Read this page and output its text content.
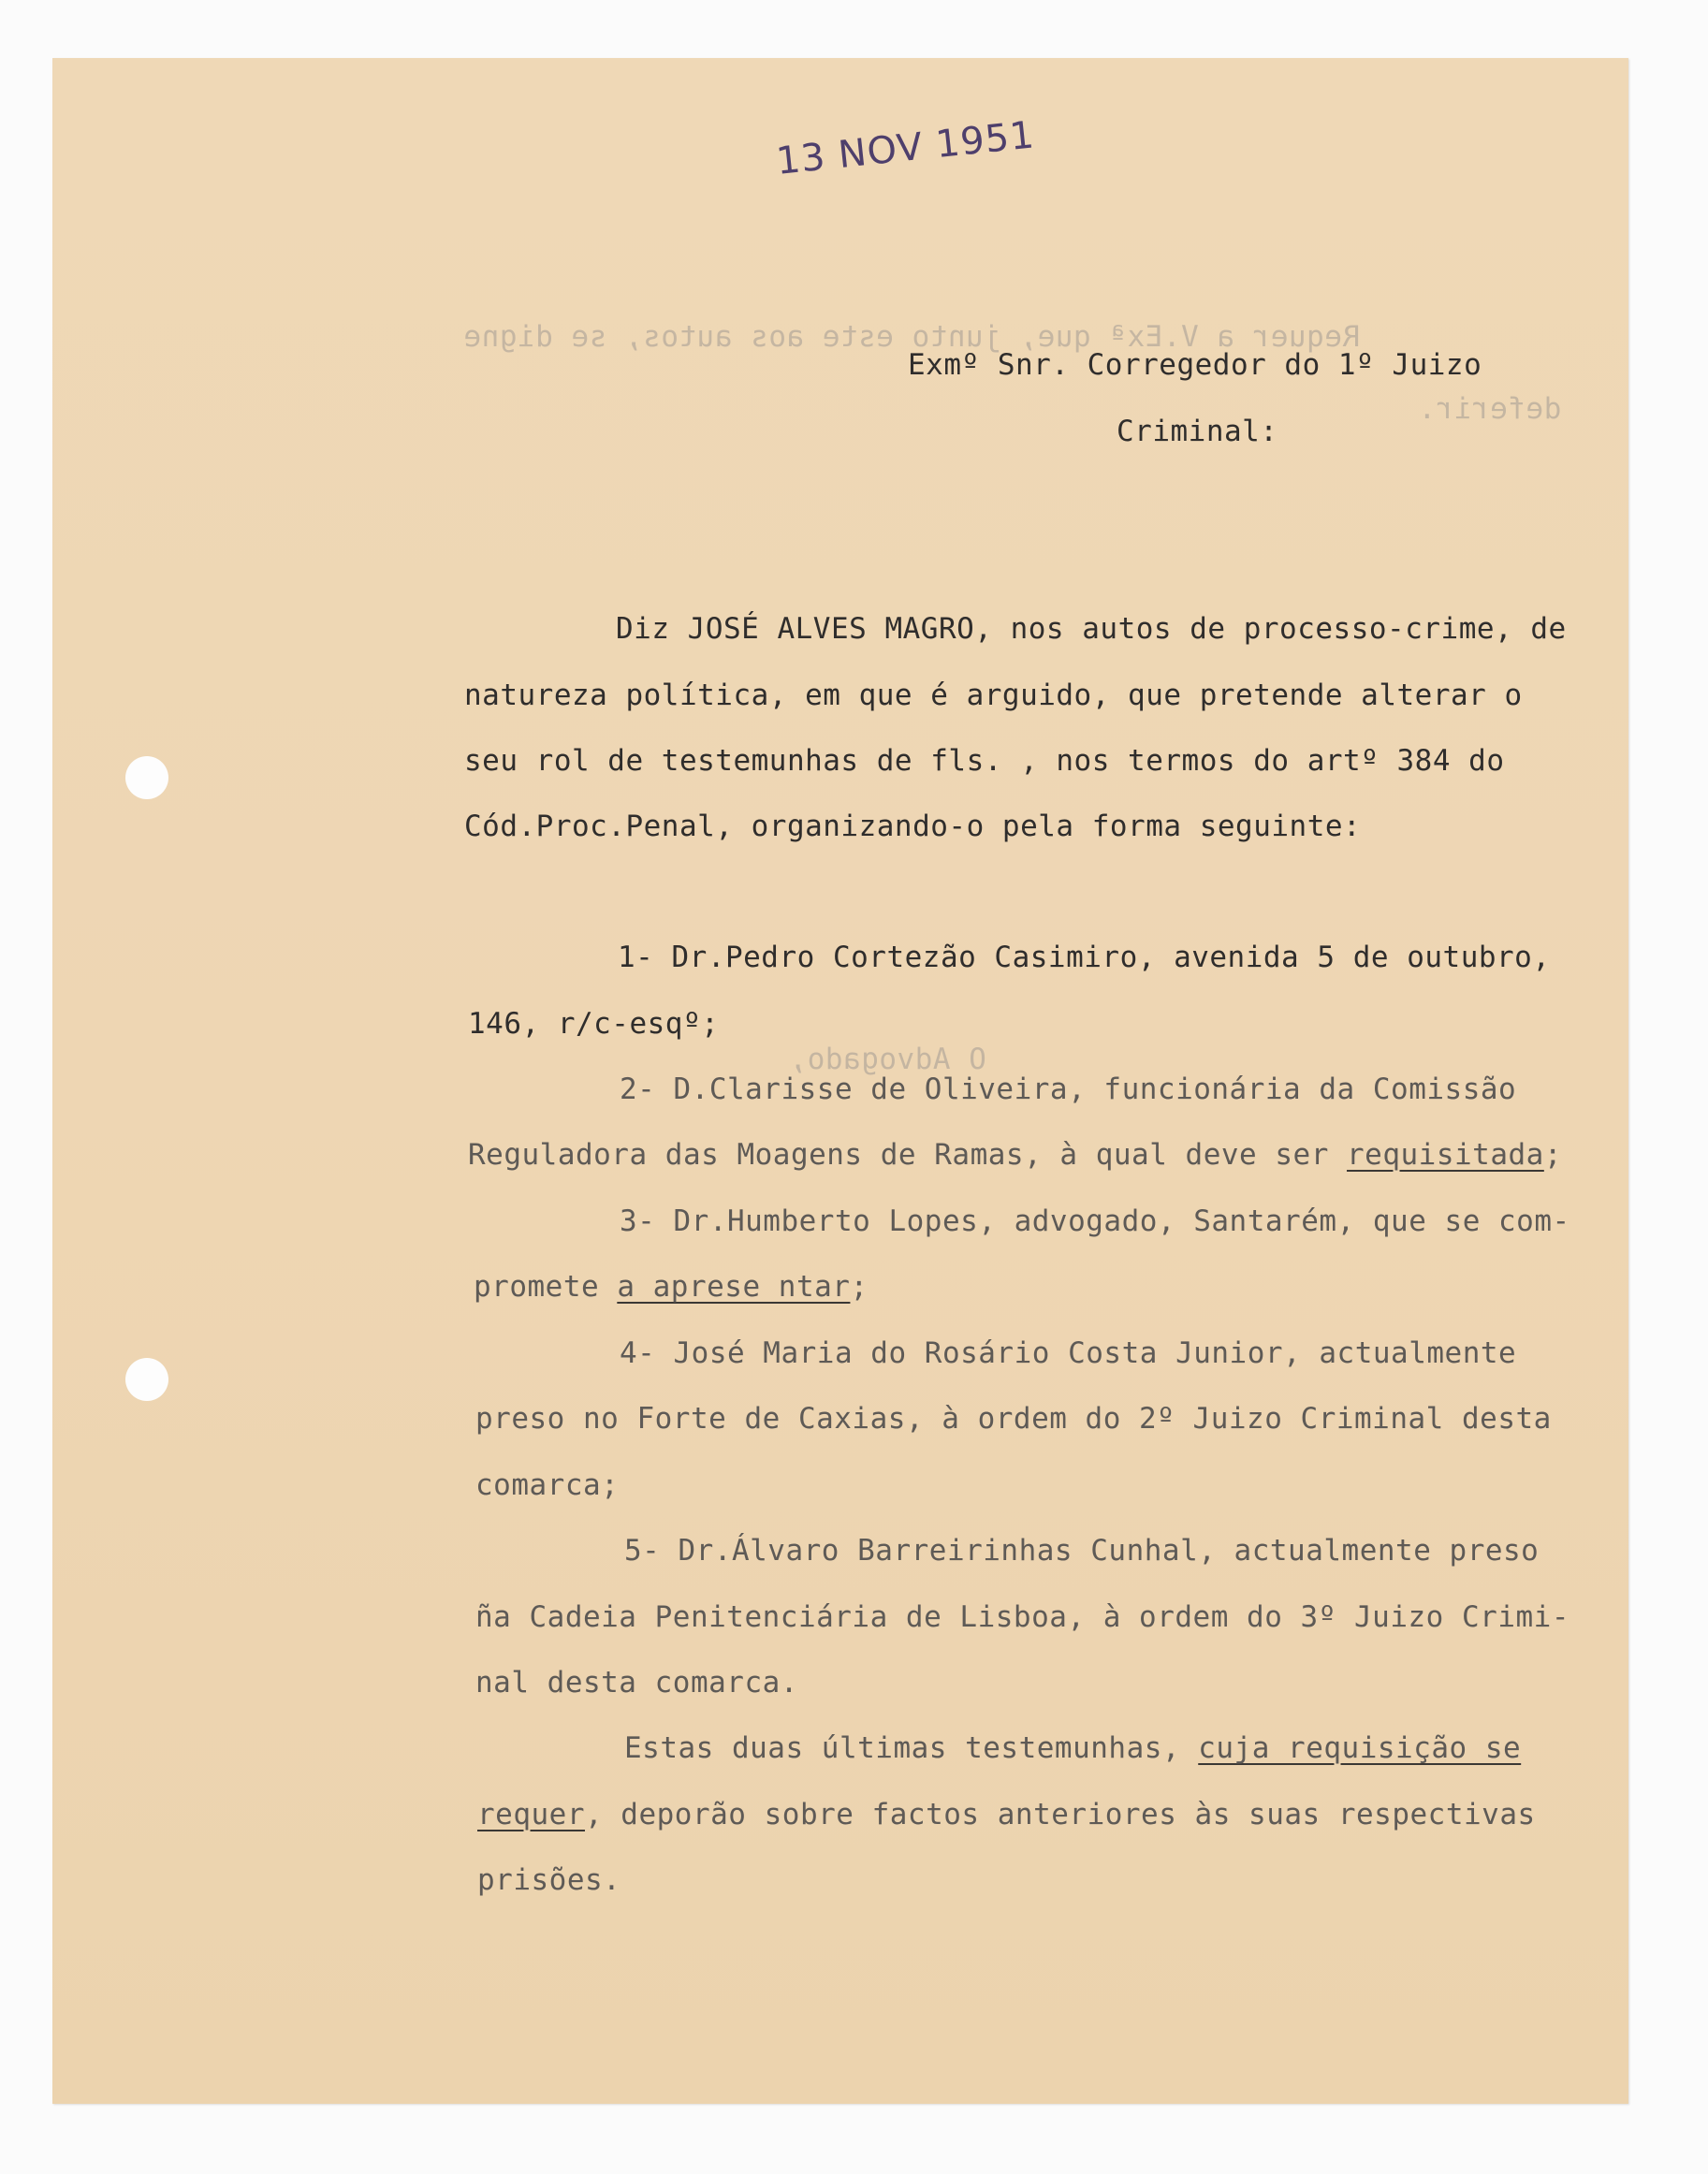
13 NOV 1951
Requer a V.Exª que, junto este aos autos, se digne
deferir.
O Advogado,
Exmº Snr. Corregedor do 1º Juizo
Criminal:
Diz JOSÉ ALVES MAGRO, nos autos de processo-crime, de
natureza política, em que é arguido, que pretende alterar o
seu rol de testemunhas de fls. , nos termos do artº 384 do
Cód.Proc.Penal, organizando-o pela forma seguinte:
1- Dr.Pedro Cortezão Casimiro, avenida 5 de outubro,
146, r/c-esqº;
2- D.Clarisse de Oliveira, funcionária da Comissão
Reguladora das Moagens de Ramas, à qual deve ser requisitada;
3- Dr.Humberto Lopes, advogado, Santarém, que se com-
promete a aprese ntar;
4- José Maria do Rosário Costa Junior, actualmente
preso no Forte de Caxias, à ordem do 2º Juizo Criminal desta
comarca;
5- Dr.Álvaro Barreirinhas Cunhal, actualmente preso
ña Cadeia Penitenciária de Lisboa, à ordem do 3º Juizo Crimi-
nal desta comarca.
Estas duas últimas testemunhas, cuja requisição se
requer, deporão sobre factos anteriores às suas respectivas
prisões.
